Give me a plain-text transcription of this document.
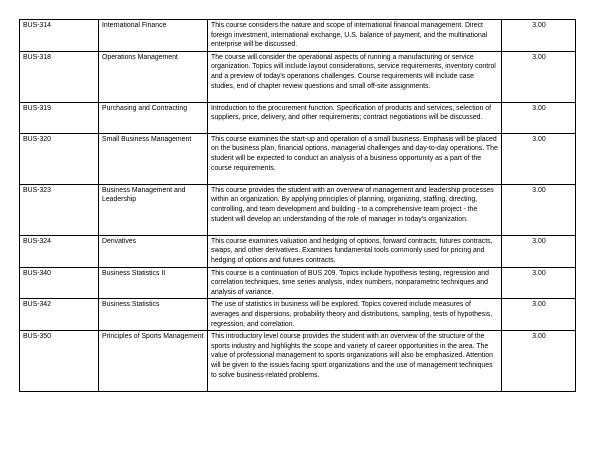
BUS-314	International Finance	This course considers the nature and scope of international financial management. Direct foreign investment, international exchange, U.S. balance of payment, and the multinational enterprise will be discussed.	3.00
BUS-318	Operations Management	The course will consider the operational aspects of running a manufacturing or service organization. Topics will include layout considerations, service requirements, inventory control and a preview of today's operations challenges. Course requirements will include case studies, end of chapter review questions and small off-site assignments.	3.00
BUS-319	Purchasing and Contracting	Introduction to the procurement function. Specification of products and services, selection of suppliers, price, delivery, and other requirements; contract negotiations will be discussed.	3.00
BUS-320	Small Business Management	This course examines the start-up and operation of a small business. Emphasis will be placed on the business plan, financial options, managerial challenges and day-to-day operations. The student will be expected to conduct an analysis of a business opportunity as a part of the course requirements.	3.00
BUS-323	Business Management and Leadership	This course provides the student with an overview of management and leadership processes within an organization. By applying principles of planning, organizing, staffing, directing, controlling, and team development and building - to a comprehensive team project - the student will develop an understanding of the role of manager in today's organization.	3.00
BUS-324	Derivatives	This course examines valuation and hedging of options, forward contracts, futures contracts, swaps, and other derivatives. Examines fundamental tools commonly used for pricing and hedging of options and futures contracts.	3.00
BUS-340	Business Statistics II	This course is a continuation of BUS 209. Topics include hypothesis testing, regression and correlation techniques, time series analysis, index numbers, nonparametric techniques and analysis of variance.	3.00
BUS-342	Business Statistics	The use of statistics in business will be explored. Topics covered include measures of averages and dispersions, probability theory and distributions, sampling, tests of hypothesis, regression, and correlation.	3.00
BUS-350	Principles of Sports Management	This introductory level course provides the student with an overview of the structure of the sports industry and highlights the scope and variety of career opportunities in the area. The value of professional management to sports organizations will also be emphasized. Attention will be given to the issues facing sport organizations and the use of management techniques to solve business-related problems.	3.00
